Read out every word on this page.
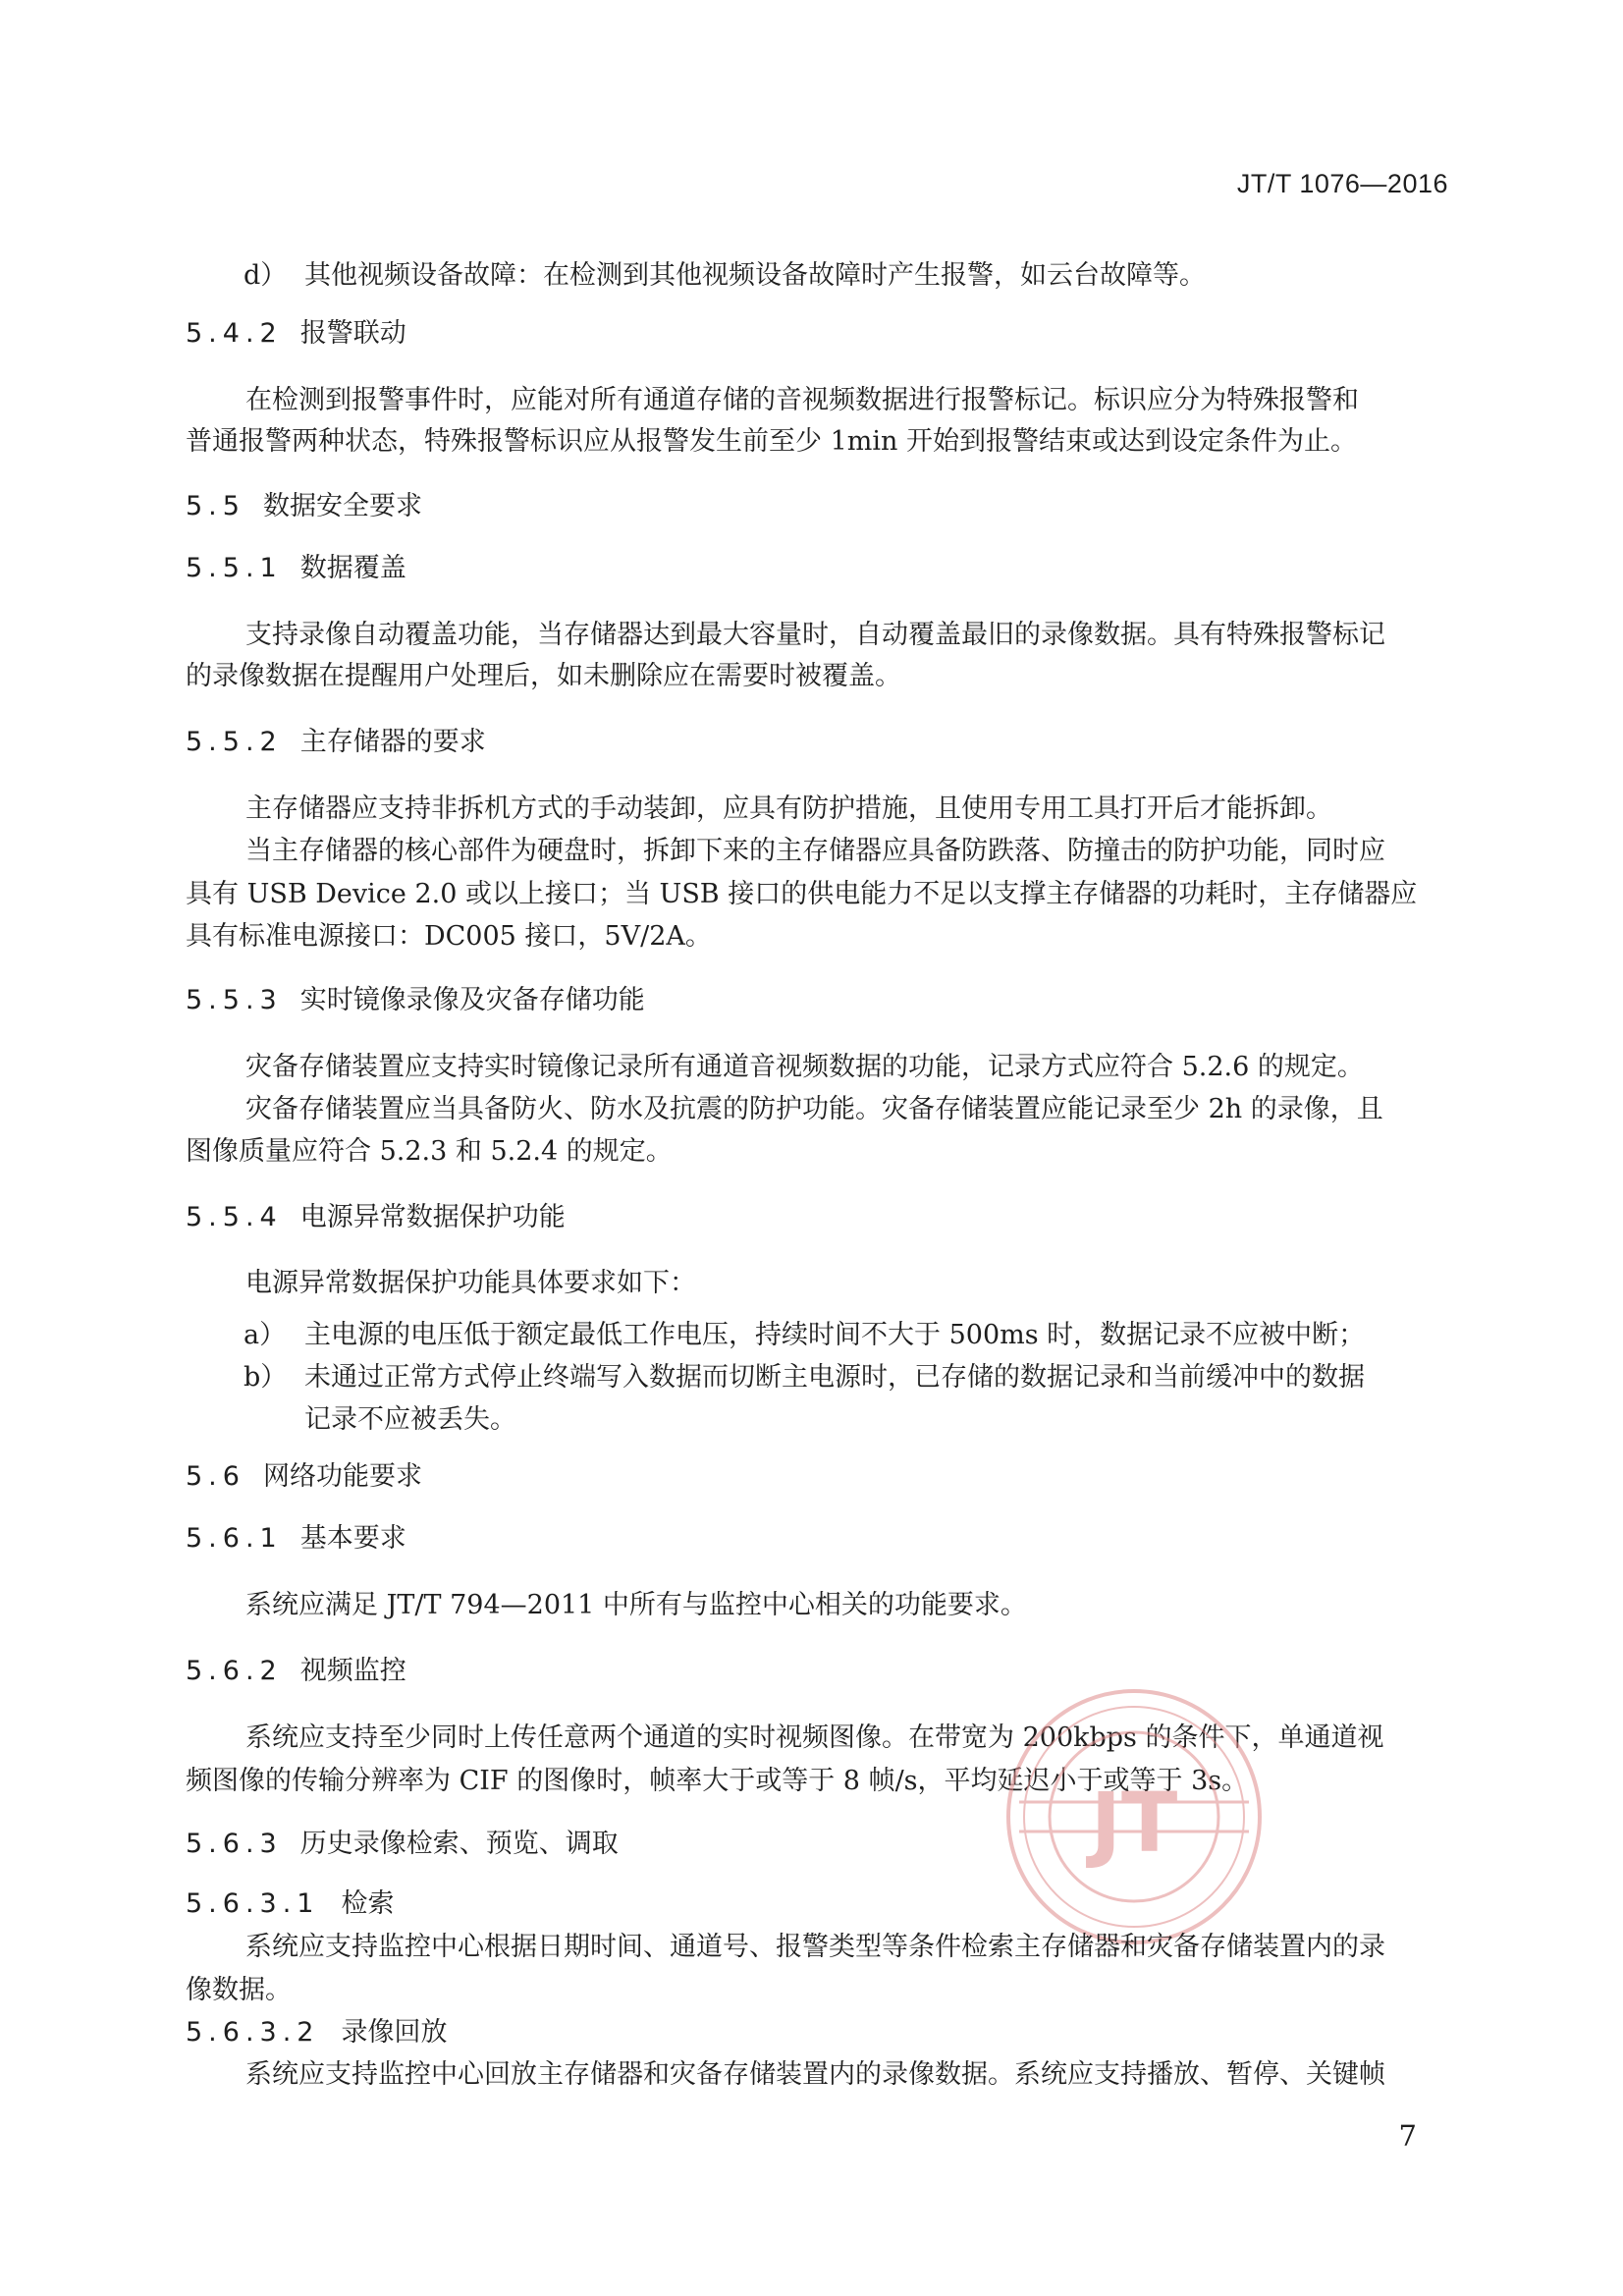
JT/T 1076—2016
d） 其他视频设备故障：在检测到其他视频设备故障时产生报警，如云台故障等。
5.4.2 报警联动
在检测到报警事件时，应能对所有通道存储的音视频数据进行报警标记。标识应分为特殊报警和
普通报警两种状态，特殊报警标识应从报警发生前至少 1min 开始到报警结束或达到设定条件为止。
5.5 数据安全要求
5.5.1 数据覆盖
支持录像自动覆盖功能，当存储器达到最大容量时，自动覆盖最旧的录像数据。具有特殊报警标记
的录像数据在提醒用户处理后，如未删除应在需要时被覆盖。
5.5.2 主存储器的要求
主存储器应支持非拆机方式的手动装卸，应具有防护措施，且使用专用工具打开后才能拆卸。
当主存储器的核心部件为硬盘时，拆卸下来的主存储器应具备防跌落、防撞击的防护功能，同时应
具有 USB Device 2.0 或以上接口；当 USB 接口的供电能力不足以支撑主存储器的功耗时，主存储器应
具有标准电源接口：DC005 接口，5V/2A。
5.5.3 实时镜像录像及灾备存储功能
灾备存储装置应支持实时镜像记录所有通道音视频数据的功能，记录方式应符合 5.2.6 的规定。
灾备存储装置应当具备防火、防水及抗震的防护功能。灾备存储装置应能记录至少 2h 的录像，且
图像质量应符合 5.2.3 和 5.2.4 的规定。
5.5.4 电源异常数据保护功能
电源异常数据保护功能具体要求如下：
a） 主电源的电压低于额定最低工作电压，持续时间不大于 500ms 时，数据记录不应被中断；
b） 未通过正常方式停止终端写入数据而切断主电源时，已存储的数据记录和当前缓冲中的数据
记录不应被丢失。
5.6 网络功能要求
5.6.1 基本要求
系统应满足 JT/T 794—2011 中所有与监控中心相关的功能要求。
5.6.2 视频监控
系统应支持至少同时上传任意两个通道的实时视频图像。在带宽为 200kbps 的条件下，单通道视
频图像的传输分辨率为 CIF 的图像时，帧率大于或等于 8 帧/s，平均延迟小于或等于 3s。
JT
5.6.3 历史录像检索、预览、调取
5.6.3.1 检索
系统应支持监控中心根据日期时间、通道号、报警类型等条件检索主存储器和灾备存储装置内的录
像数据。
5.6.3.2 录像回放
系统应支持监控中心回放主存储器和灾备存储装置内的录像数据。系统应支持播放、暂停、关键帧
7
